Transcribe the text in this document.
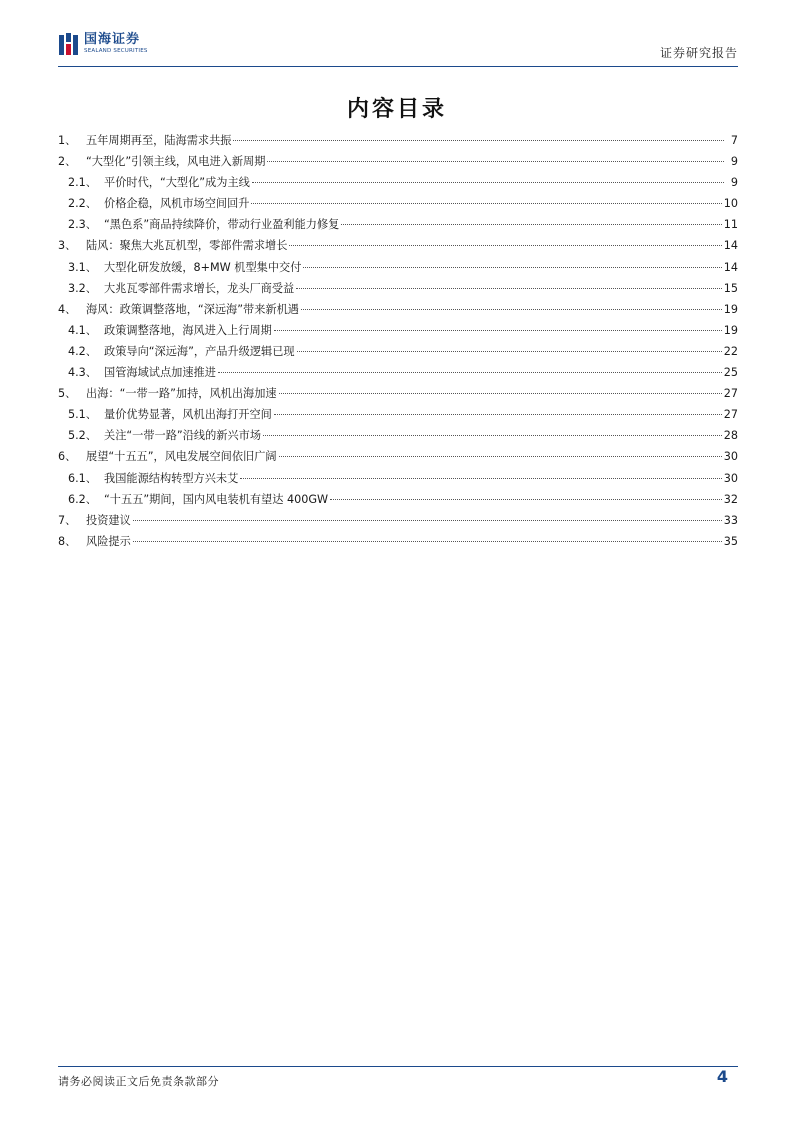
国海证券
SEALAND SECURITIES	证券研究报告
内容目录
1、 五年周期再至，陆海需求共振	7
2、 “大型化”引领主线，风电进入新周期	9
2.1、 平价时代，“大型化”成为主线	9
2.2、 价格企稳，风机市场空间回升	10
2.3、 “黑色系”商品持续降价，带动行业盈利能力修复	11
3、 陆风：聚焦大兆瓦机型，零部件需求增长	14
3.1、 大型化研发放缓，8+MW 机型集中交付	14
3.2、 大兆瓦零部件需求增长，龙头厂商受益	15
4、 海风：政策调整落地，“深远海”带来新机遇	19
4.1、 政策调整落地，海风进入上行周期	19
4.2、 政策导向“深远海”，产品升级逻辑已现	22
4.3、 国管海域试点加速推进	25
5、 出海：“一带一路”加持，风机出海加速	27
5.1、 量价优势显著，风机出海打开空间	27
5.2、 关注“一带一路”沿线的新兴市场	28
6、 展望“十五五”，风电发展空间依旧广阔	30
6.1、 我国能源结构转型方兴未艾	30
6.2、 “十五五”期间，国内风电装机有望达 400GW	32
7、 投资建议	33
8、 风险提示	35
请务必阅读正文后免责条款部分	4
